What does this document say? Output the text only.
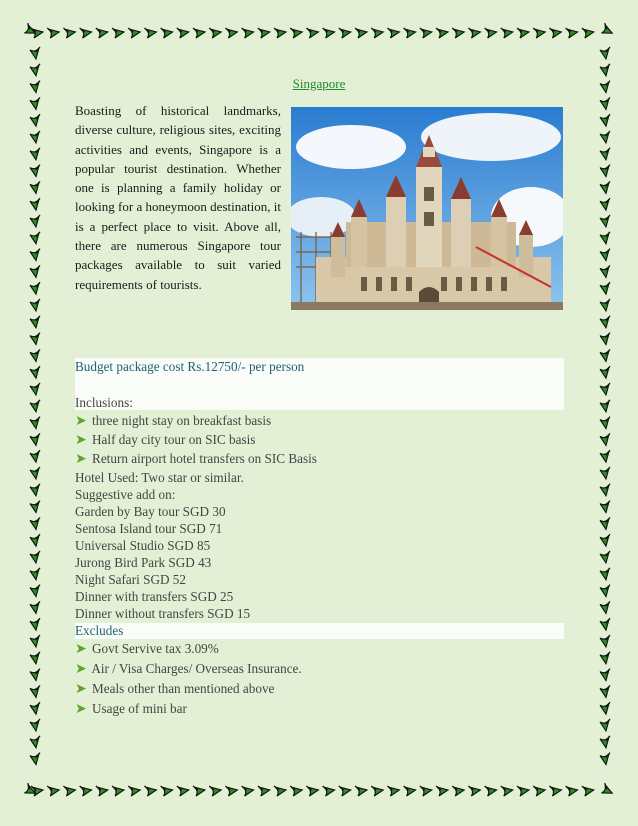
Singapore
Boasting of historical landmarks, diverse culture, religious sites, exciting activities and events, Singapore is a popular tourist destination. Whether one is planning a family holiday or looking for a honeymoon destination, it is a perfect place to visit. Above all, there are numerous Singapore tour packages available to suit varied requirements of tourists.
Budget package cost Rs.12750/- per person
Inclusions:
➤ three night stay on breakfast basis
➤ Half day city tour on SIC basis
➤ Return airport hotel transfers on SIC Basis
Hotel Used: Two star or similar.
Suggestive add on:
Garden by Bay tour SGD 30
Sentosa Island tour SGD 71
Universal Studio SGD 85
Jurong Bird Park SGD 43
Night Safari SGD 52
Dinner with transfers SGD 25
Dinner without transfers SGD 15
Excludes
➤ Govt Servive tax 3.09%
➤ Air / Visa Charges/ Overseas Insurance.
➤ Meals other than mentioned above
➤ Usage of mini bar
